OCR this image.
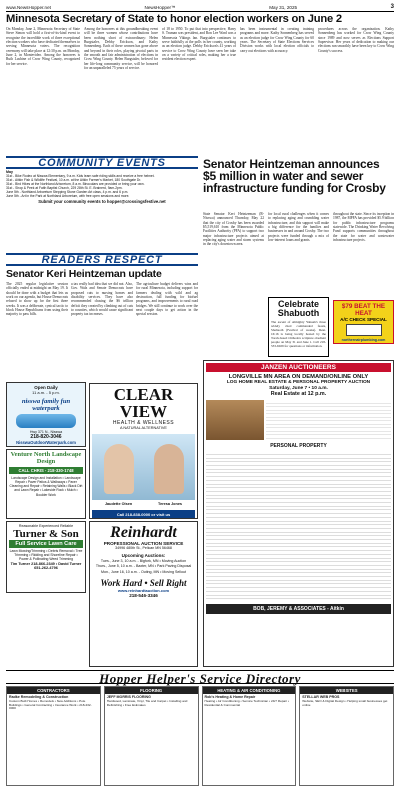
www.NewsHopper.net	NewsHopper™	May 31, 2025	3
Minnesota Secretary of State to honor election workers on June 2
On Monday, June 2, Minnesota Secretary of State Steve Simon will hold a first-of-its-kind event to recognize the incredible work of three exceptional election workers who have dedicated themselves to serving Minnesota voters. The recognition ceremony will take place at 12:30 p.m. on Monday, June 2, in Montevideo. Among the honorees is Ruth Lushine of Crow Wing County, recognized for her service.
Among the honorees at this groundbreaking event will be three women whose contributions have been nothing short of extraordinary: Helen Burgstaler, Debby Erickson, and Kathy Sonnenberg. Each of these women has gone above and beyond in their roles, playing pivotal parts in the smooth and fair administration of elections in Crow Wing County. Helen Burgstaler, beloved for her life-long community service, will be honored for an unparalleled 75 years of service.
of 18 to 1950. To put that into perspective, Harry S. Truman was president, and Ron Lee Ward was a Minnesota Vikings fan. Burgstaler continues to serve faithfully at the polls in her county, working as an election judge. Debby Erickson's 41 years of service to Crow Wing County have seen her take on a variety of critical roles, making her a true resident election expert.
has been instrumental in creating training programs and more. Kathy Sonnenberg has served as an election judge for Crow Wing County for 60 years. The Secretary of State Elections Services Division works with local election officials to carry out elections with accuracy.
procedures across the organization. Kathy Sonnenberg has worked for Crow Wing County since 1989 and now serves as Elections Support Supervisor. Her years of dedication to making our elections run smoothly have been key to Crow Wing County's success.
COMMUNITY EVENTS
May
31st - Bike Rodeo at Nisswa Elementary, 9 a.m. Kids learn safe riding skills and receive a free helmet.
31st - Aitkin Fish & Wildlife Festival, 10 a.m. at the Aitkin Farmer's Market, 180 Southgate Dr.
31st - Bird Hikes at the Northland Arboretum, 8 a.m. Binoculars are provided or bring your own.
31st - Shop & Peek at Faith Baptist Church, 229 28th St. E. Brainerd, 9am-2pm.
June 5th - Northland Arboretum Stepping Stone Garden Art class, 4 p.m. and 6 p.m.
June 5th - Art in the Park at Northland Arboretum, with free open sessions and more.
Submit your community events to hopper@crossingsfestive.net
READERS RESPECT
Senator Keri Heintzeman update
The 2025 regular legislative session officially ended at midnight on May 19. It should be done with a budget that lets us work on our agenda, but House Democrats refused to show up for the first three weeks. It was a deliberate, cynical tactic to block House Republicans from using their majority to pass bills.
a tax really bad idea that we did not. Also, Gov. Walz and Senate Democrats have proposed cuts to nursing homes and disability services. They have also recommended chasing the $6 trillion deficit they created by climbing out of cuts to counties, which would cause significant property tax increases.
The agriculture budget delivers wins and for rural Minnesota, including support for farmers dealing with wild and ag destruction, full funding for biofuel programs, and improvements to rural road bridges. We still continue to work over the next couple days to get action in the special session.
Senator Heintzeman announces $5 million in water and sewer infrastructure funding for Crosby
State Senator Keri Heintzeman (R-Nisswa) announced Thursday, May 22 that the city of Crosby has been awarded $5,519,610 from the Minnesota Public Facilities Authority (PFA) to support two major infrastructure projects aimed at replacing aging water and storm systems in the city's downtown area.
for local rural challenges when it comes to replacing aging and crumbling water infrastructure, and this support will make a big difference for the families and businesses in and around Crosby. The two projects were funded through a mix of low-interest loans and grants.
throughout the state. Since its inception in 1987, the MPFA has provided $5.9 billion for public infrastructure programs statewide. The Drinking Water Revolving Fund supports communities throughout the state for water and wastewater infrastructure projects.
Celebrate Shabuoth
The ascent of Almighty Yahuah's three widely cited commanded feasts, Shabuoth (Festival of weeks). Deut. 16:16 is being locally hosted by the Torah-based Orthodox scripture obedient people on May 31 and June 1. Call 218-533-6029 for questions or information.
$79 BEAT THE HEAT
A/C CHECK SPECIAL
northernairplumbing.com
(507) Plumbing Service (218) 567-0000
Open Daily
11 a.m. - 5 p.m.
nisswa family fun waterpark
Hwy 371 N., Nisswa
218-820-3046
NisswaOutdoorWaterpark.com
Venture North Landscape Design
CALL CHRIS - 218-330-1748
Landscape Design and Installation • Landscape Repair • Paver Patios & Walkways • Paver Cleaning and Repair • Retaining Walls • Black Dirt and Lawn Repair • Lakeside Rock • Mulch • Boulder Work
Reasonable Experienced Reliable
Turner & Son
Full Service Lawn Care
Lawn Mowing/Trimming • Debris Removal • Tree Trimming • Ridding and Shoreline Repair • Power & Pollinating Weed Trimming
Tim Turner 218-866-2349 • David Turner 651-262-4796
CLEAR VIEW
HEALTH & WELLNESS
A NATURAL ALTERNATIVE
Jaudette Olsen	Teresa Jones
Call 218-838-0000 or visit us
Reinhardt
PROFESSIONAL AUCTION SERVICE
34996 480th St., Pelican MN 56468
Upcoming Auctions:
Tues., June 3, 10 a.m. - Bigfork, MN • Moving Auction
Thurs., June 5, 10 a.m. - Baxter, MN • Park Paving Disposal
Mon., June 16, 10 a.m. - Outing, MN • Moving Sellout
Work Hard • Sell Right
www.reinhardtauction.com
218-546-3346
JANZEN AUCTIONEERS
LONGVILLE MN AREA ON DEMAND/ONLINE ONLY
LOG HOME REAL ESTATE & PERSONAL PROPERTY AUCTION
Saturday, June 7 • 10 a.m.
Real Estate at 12 p.m.
PERSONAL PROPERTY
BOB, JEREMY & ASSOCIATES - Aitkin
Hopper Helper's Service Directory
CONTRACTORS
Radke Remodeling & Construction
Custom Built Homes • Remodels • New Additions • Pole Buildings • General Contracting • Insurance Work • 218-232-0000
FLOORING
JEFF MORRIS FLOORING
Hardwood, Laminate, Vinyl, Tile and Carpet • Installing and Refinishing • Free Estimates
HEATING & AIR CONDITIONING
Rob's Heating & Home Repair
Heating • Air Conditioning • Service Technician • 24/7 Repair • Residential & Commercial
WEBSITES
STELLAR WEB PROS
Website, SEO & Digital Design • Helping small businesses get online
